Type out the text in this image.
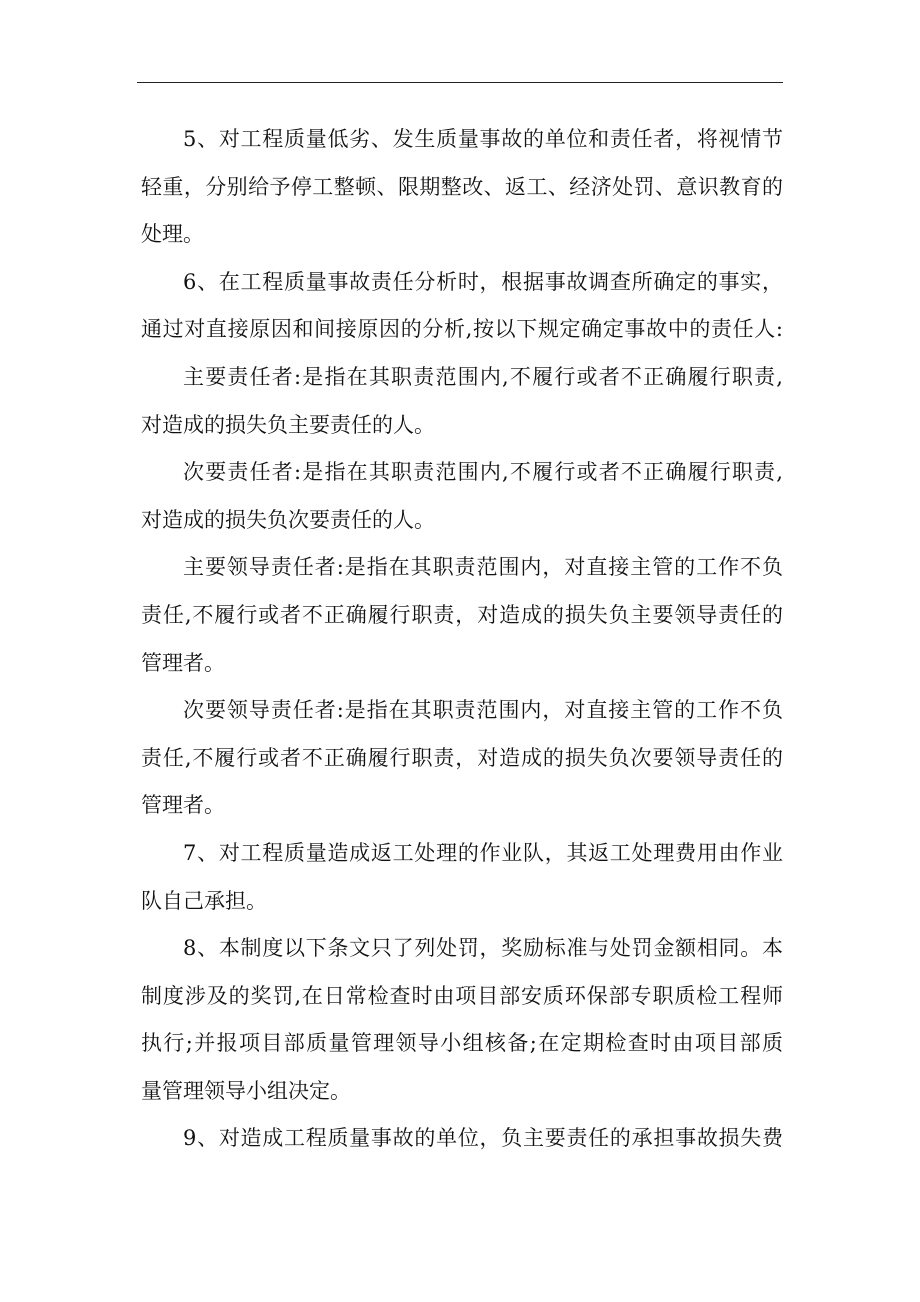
5、对工程质量低劣、发生质量事故的单位和责任者，将视情节
轻重，分别给予停工整顿、限期整改、返工、经济处罚、意识教育的
处理。
6、在工程质量事故责任分析时，根据事故调查所确定的事实，
通过对直接原因和间接原因的分析,按以下规定确定事故中的责任人:
主要责任者:是指在其职责范围内,不履行或者不正确履行职责,
对造成的损失负主要责任的人。
次要责任者:是指在其职责范围内,不履行或者不正确履行职责,
对造成的损失负次要责任的人。
主要领导责任者:是指在其职责范围内，对直接主管的工作不负
责任,不履行或者不正确履行职责，对造成的损失负主要领导责任的
管理者。
次要领导责任者:是指在其职责范围内，对直接主管的工作不负
责任,不履行或者不正确履行职责，对造成的损失负次要领导责任的
管理者。
7、对工程质量造成返工处理的作业队，其返工处理费用由作业
队自己承担。
8、本制度以下条文只了列处罚，奖励标准与处罚金额相同。本
制度涉及的奖罚,在日常检查时由项目部安质环保部专职质检工程师
执行;并报项目部质量管理领导小组核备;在定期检查时由项目部质
量管理领导小组决定。
9、对造成工程质量事故的单位，负主要责任的承担事故损失费
